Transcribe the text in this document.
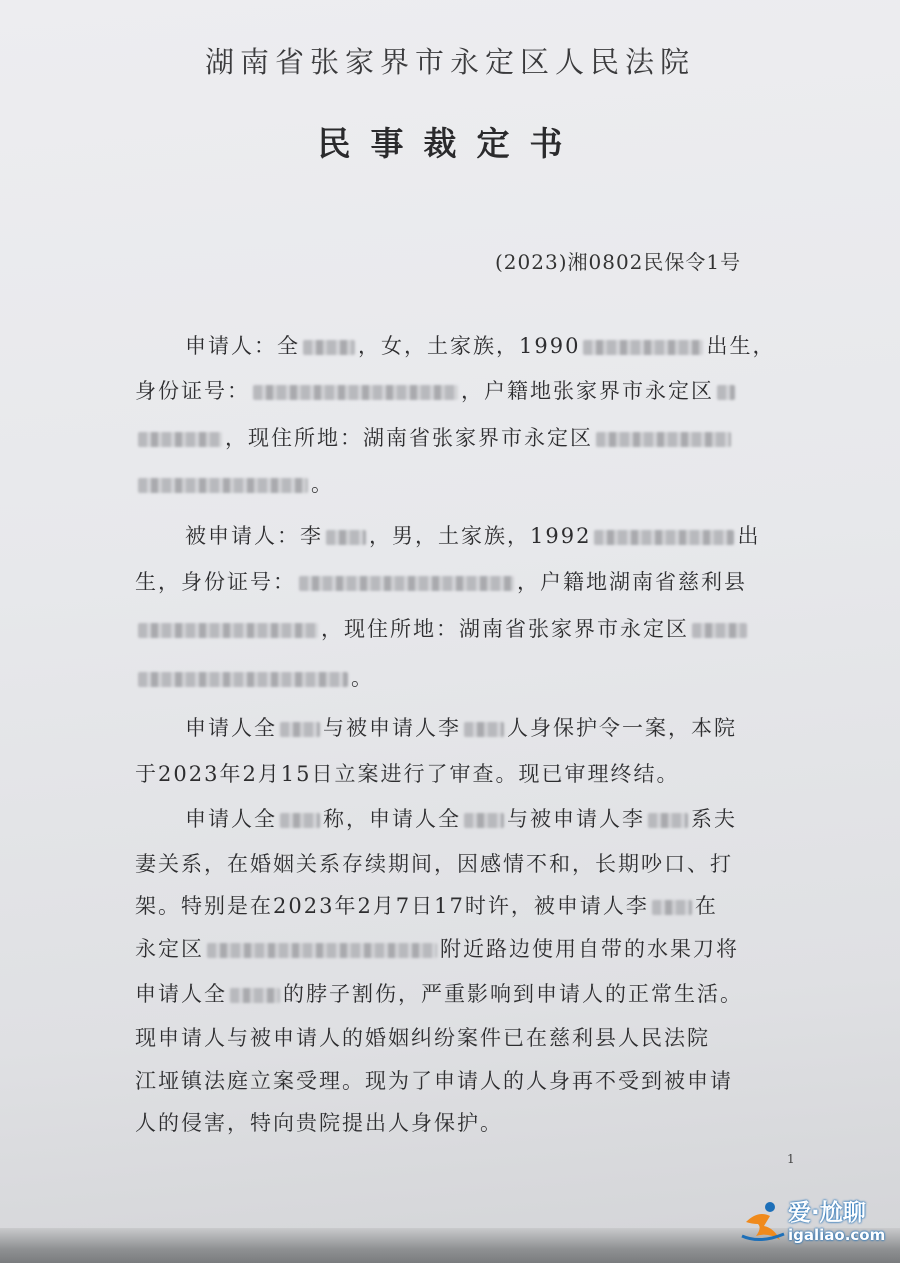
湖南省张家界市永定区人民法院
民事裁定书
(2023)湘0802民保令1号
申请人：全	，女，土家族，1990	出生，
身份证号：	，户籍地张家界市永定区
，现住所地：湖南省张家界市永定区
。
被申请人：李 ，男，土家族，1992	出
生，身份证号：	，户籍地湖南省慈利县
，现住所地：湖南省张家界市永定区
。
申请人全 与被申请人李 人身保护令一案，本院
于2023年2月15日立案进行了审查。现已审理终结。
申请人全 称，申请人全 与被申请人李 系夫
妻关系，在婚姻关系存续期间，因感情不和，长期吵口、打
架。特别是在2023年2月7日17时许，被申请人李 在
永定区	附近路边使用自带的水果刀将
申请人全	的脖子割伤，严重影响到申请人的正常生活。
现申请人与被申请人的婚姻纠纷案件已在慈利县人民法院
江垭镇法庭立案受理。现为了申请人的人身再不受到被申请
人的侵害，特向贵院提出人身保护。
1
爱·尬聊
igaliao.com
